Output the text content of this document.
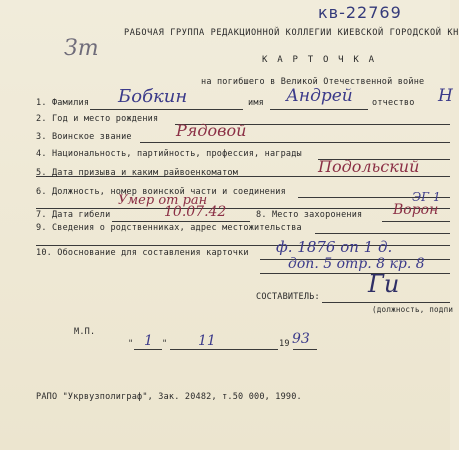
кв-22769
Зт
РАБОЧАЯ ГРУППА РЕДАКЦИОННОЙ КОЛЛЕГИИ КИЕВСКОЙ ГОРОДСКОЙ КН
К А Р Т О Ч К А
на погибшего в Великой Отечественной войне
1. Фамилия Бобкин	имя Андрей отчество Н
2. Год и место рождения
3. Воинское звание	Рядовой
4. Национальность, партийность, профессия, награды
5. Дата призыва и каким райвоенкоматом	Подольский
6. Должность, номер воинской части и соединения
Умер от ран	ЭГ 1
7. Дата гибели	10.07.42	8. Место захоронения Ворон
9. Сведения о родственниках, адрес местожительства
10. Обоснование для составления карточки ф. 1876 оп 1 д.
доп. 5 отр. 8 кр. 8
СОСТАВИТЕЛЬ: Ги
(должность, подпи
М.П.
" 1 " 11	19 93
РАПО "Укрвузполиграф", Зак. 20482, т.50 000, 1990.
